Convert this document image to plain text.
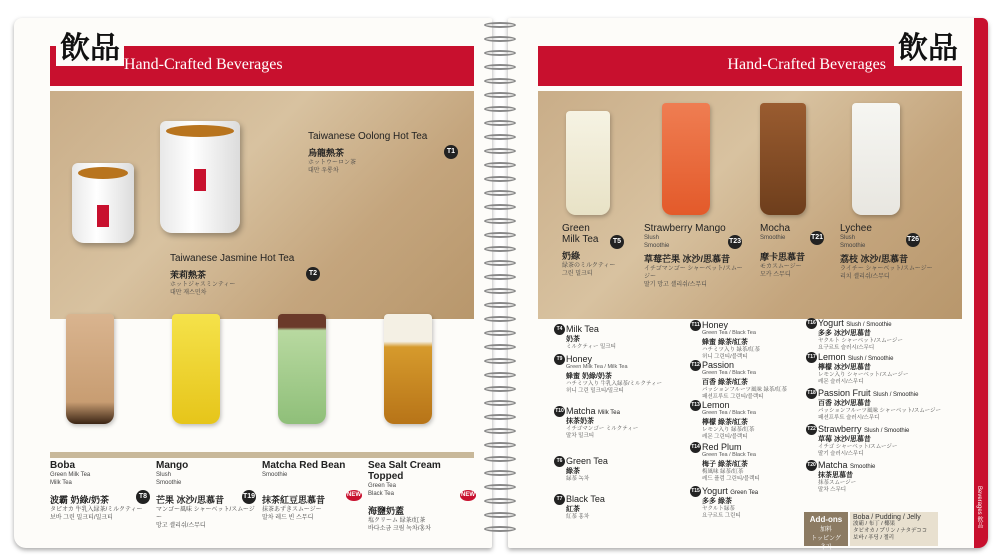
飲品 Hand-Crafted Beverages
Taiwanese Oolong Hot Tea
烏龍熱茶
ホットウーロン茶
대만 우롱차
T1
Taiwanese Jasmine Hot Tea
茉莉熱茶
ホットジャスミンティー
대만 재스민차
T2
Boba
Green Milk Tea
Milk Tea
波霸 奶綠/奶茶
タピオカ 牛乳入緑茶/ミルクティー
보바 그린 밀크티/밀크티
T8
Mango
Slush
Smoothie
芒果 冰沙/思慕昔
マンゴー風味 シャーベット/スムージー
망고 셸리쉬/스무디
T19
Matcha Red Bean
Smoothie
抹茶紅豆思慕昔
抹茶あずきスムージー
말차 레드 빈 스무디
NEW
Sea Salt Cream Topped
Green Tea
Black Tea
海鹽奶蓋
塩クリーム 緑茶/紅茶
바다소금 크림 녹차/홍차
NEW
Hand-Crafted Beverages 飲品
Green
Milk Tea
奶綠
緑茶のミルクティー
그린 밀크티
T5
Strawberry Mango
Slush
Smoothie
草莓芒果 冰沙/思慕昔
イチゴマンゴー シャーベット/スムージー
딸기 망고 셸리쉬/스무디
T23
Mocha
Smoothie
摩卡思慕昔
モカスムージー
모카 스무디
T21
Lychee
Slush
Smoothie
荔枝 冰沙/思慕昔
ライチー シャーベット/スムージー
리치 셸리쉬/스무디
T26
T4 Milk Tea
奶茶
ミルクティー 밀크티
T9 Honey
Green Milk Tea / Milk Tea
蜂蜜 奶綠/奶茶
ハチミツ入り 牛乳入緑茶/ミルクティー
허니 그린 밀크티/밀크티
T10 Matcha Milk Tea
抹茶奶茶
イチゴマンゴー ミルクティー
말차 밀크티
T6 Green Tea
綠茶
緑茶 녹차
T7 Black Tea
紅茶
紅茶 홍차
T11 Honey
Green Tea / Black Tea
蜂蜜 綠茶/紅茶
ハチミツ入り 緑茶/紅茶
허니 그린티/블랙티
T12 Passion
Green Tea / Black Tea
百香 綠茶/紅茶
パッションフルーツ風味 緑茶/紅茶
패션프루트 그린티/블랙티
T13 Lemon
Green Tea / Black Tea
檸檬 綠茶/紅茶
レモン入り 緑茶/紅茶
레몬 그린티/블랙티
T14 Red Plum
Green Tea / Black Tea
梅子 綠茶/紅茶
梅風味 緑茶/紅茶
레드 플럼 그린티/블랙티
T15 Yogurt Green Tea
多多 綠茶
ヤクルト緑茶
요구르트 그린티
T16 Yogurt Slush / Smoothie
多多 冰沙/思慕昔
ヤクルト シャーベット/スムージー
요구르트 슬러시/스무디
T17 Lemon Slush / Smoothie
檸檬 冰沙/思慕昔
レモン入り シャーベット/スムージー
레몬 슬러시/스무디
T18 Passion Fruit Slush / Smoothie
百香 冰沙/思慕昔
パッションフルーツ風味 シャーベット/スムージー
패션프루트 슬러시/스무디
T22 Strawberry Slush / Smoothie
草莓 冰沙/思慕昔
イチゴ シャーベット/スムージー
딸기 슬러시/스무디
T20 Matcha Smoothie
抹茶思慕昔
抹茶スムージー
말차 스무디
Add-ons
加料
トッピング
추가
Boba / Pudding / Jelly
波霸 / 布丁 / 椰果
タピオカ / プリン / ナタデココ
보바 / 푸딩 / 젤리
Beverages 飲品
